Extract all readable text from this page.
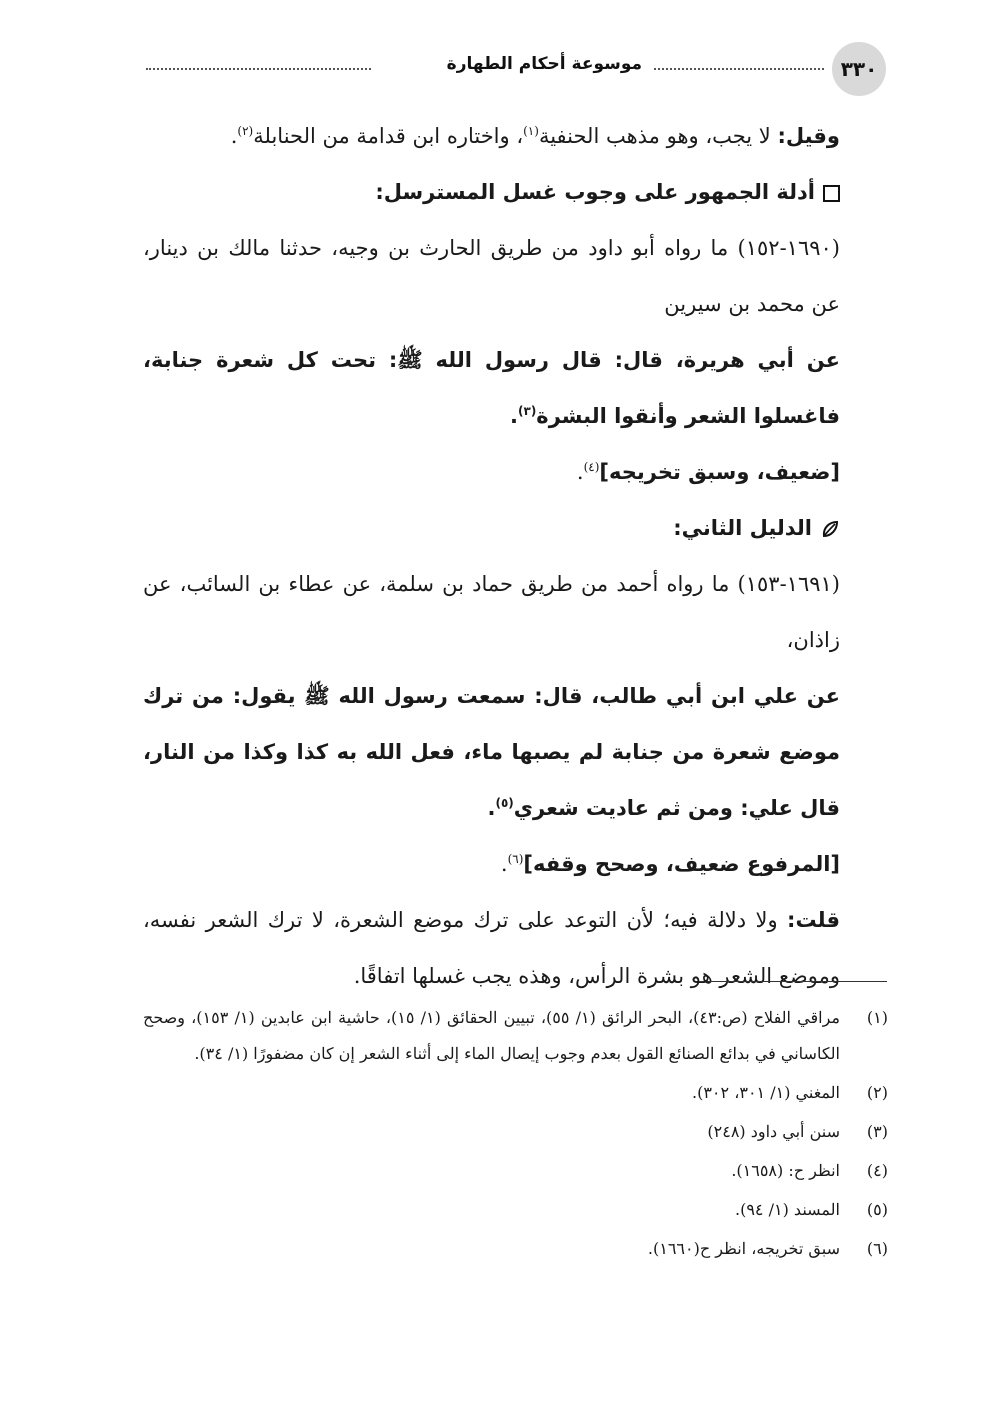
٣٣٠
موسوعة أحكام الطهارة

وقيل: لا يجب، وهو مذهب الحنفية$^{(١)}$، واختاره ابن قدامة من الحنابلة$^{(٢)}$.

أدلة الجمهور على وجوب غسل المسترسل:

(١٦٩٠-١٥٢) ما رواه أبو داود من طريق الحارث بن وجيه، حدثنا مالك بن دينار، عن محمد بن سيرين

عن أبي هريرة، قال: قال رسول الله ﷺ: تحت كل شعرة جنابة، فاغسلوا الشعر وأنقوا البشرة$^{(٣)}$.

[ضعيف، وسبق تخريجه]$^{(٤)}$.

الدليل الثاني:

(١٦٩١-١٥٣) ما رواه أحمد من طريق حماد بن سلمة، عن عطاء بن السائب، عن زاذان،

عن علي ابن أبي طالب، قال: سمعت رسول الله ﷺ يقول: من ترك موضع شعرة من جنابة لم يصبها ماء، فعل الله به كذا وكذا من النار، قال علي: ومن ثم عاديت شعري$^{(٥)}$.

[المرفوع ضعيف، وصحح وقفه]$^{(٦)}$.

قلت: ولا دلالة فيه؛ لأن التوعد على ترك موضع الشعرة، لا ترك الشعر نفسه، وموضع الشعر هو بشرة الرأس، وهذه يجب غسلها اتفاقًا.

(١)
مراقي الفلاح (ص:٤٣)، البحر الرائق (١/ ٥٥)، تبيين الحقائق (١/ ١٥)، حاشية ابن عابدين (١/ ١٥٣)، وصحح الكاساني في بدائع الصنائع القول بعدم وجوب إيصال الماء إلى أثناء الشعر إن كان مضفورًا (١/ ٣٤).
(٢)
المغني (١/ ٣٠١، ٣٠٢).
(٣)
سنن أبي داود (٢٤٨)
(٤)
انظر ح: (١٦٥٨).
(٥)
المسند (١/ ٩٤).
(٦)
سبق تخريجه، انظر ح(١٦٦٠).
